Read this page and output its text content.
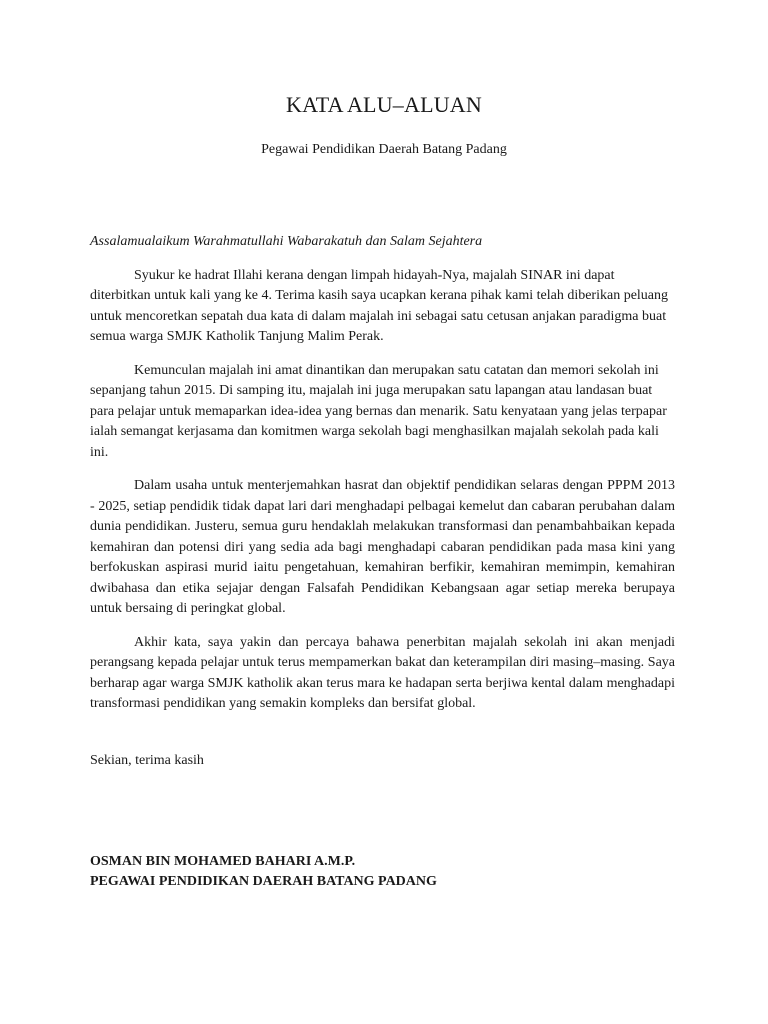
KATA ALU–ALUAN

Pegawai Pendidikan Daerah Batang Padang

Assalamualaikum Warahmatullahi Wabarakatuh dan Salam Sejahtera

Syukur ke hadrat Illahi kerana dengan limpah hidayah-Nya, majalah SINAR ini dapat diterbitkan untuk kali yang ke 4. Terima kasih saya ucapkan kerana pihak kami telah diberikan peluang untuk mencoretkan sepatah dua kata di dalam majalah ini sebagai satu cetusan anjakan paradigma buat semua warga SMJK Katholik Tanjung Malim Perak.

Kemunculan majalah ini amat dinantikan dan merupakan satu catatan dan memori sekolah ini sepanjang tahun 2015. Di samping itu, majalah ini juga merupakan satu lapangan atau landasan buat para pelajar untuk memaparkan idea-idea yang bernas dan menarik. Satu kenyataan yang jelas terpapar ialah semangat kerjasama dan komitmen warga sekolah bagi menghasilkan majalah sekolah pada kali ini.

Dalam usaha untuk menterjemahkan hasrat dan objektif pendidikan selaras dengan PPPM 2013 - 2025, setiap pendidik tidak dapat lari dari menghadapi pelbagai kemelut dan cabaran perubahan dalam dunia pendidikan. Justeru, semua guru hendaklah melakukan transformasi dan penambahbaikan kepada kemahiran dan potensi diri yang sedia ada bagi menghadapi cabaran pendidikan pada masa kini yang berfokuskan aspirasi murid iaitu pengetahuan, kemahiran berfikir, kemahiran memimpin, kemahiran dwibahasa dan etika sejajar dengan Falsafah Pendidikan Kebangsaan agar setiap mereka berupaya untuk bersaing di peringkat global.

Akhir kata, saya yakin dan percaya bahawa penerbitan majalah sekolah ini akan menjadi perangsang kepada pelajar untuk terus mempamerkan bakat dan keterampilan diri masing–masing. Saya berharap agar warga SMJK katholik akan terus mara ke hadapan serta berjiwa kental dalam menghadapi transformasi pendidikan yang semakin kompleks dan bersifat global.

Sekian, terima kasih

OSMAN BIN MOHAMED BAHARI A.M.P.
PEGAWAI PENDIDIKAN DAERAH BATANG PADANG
